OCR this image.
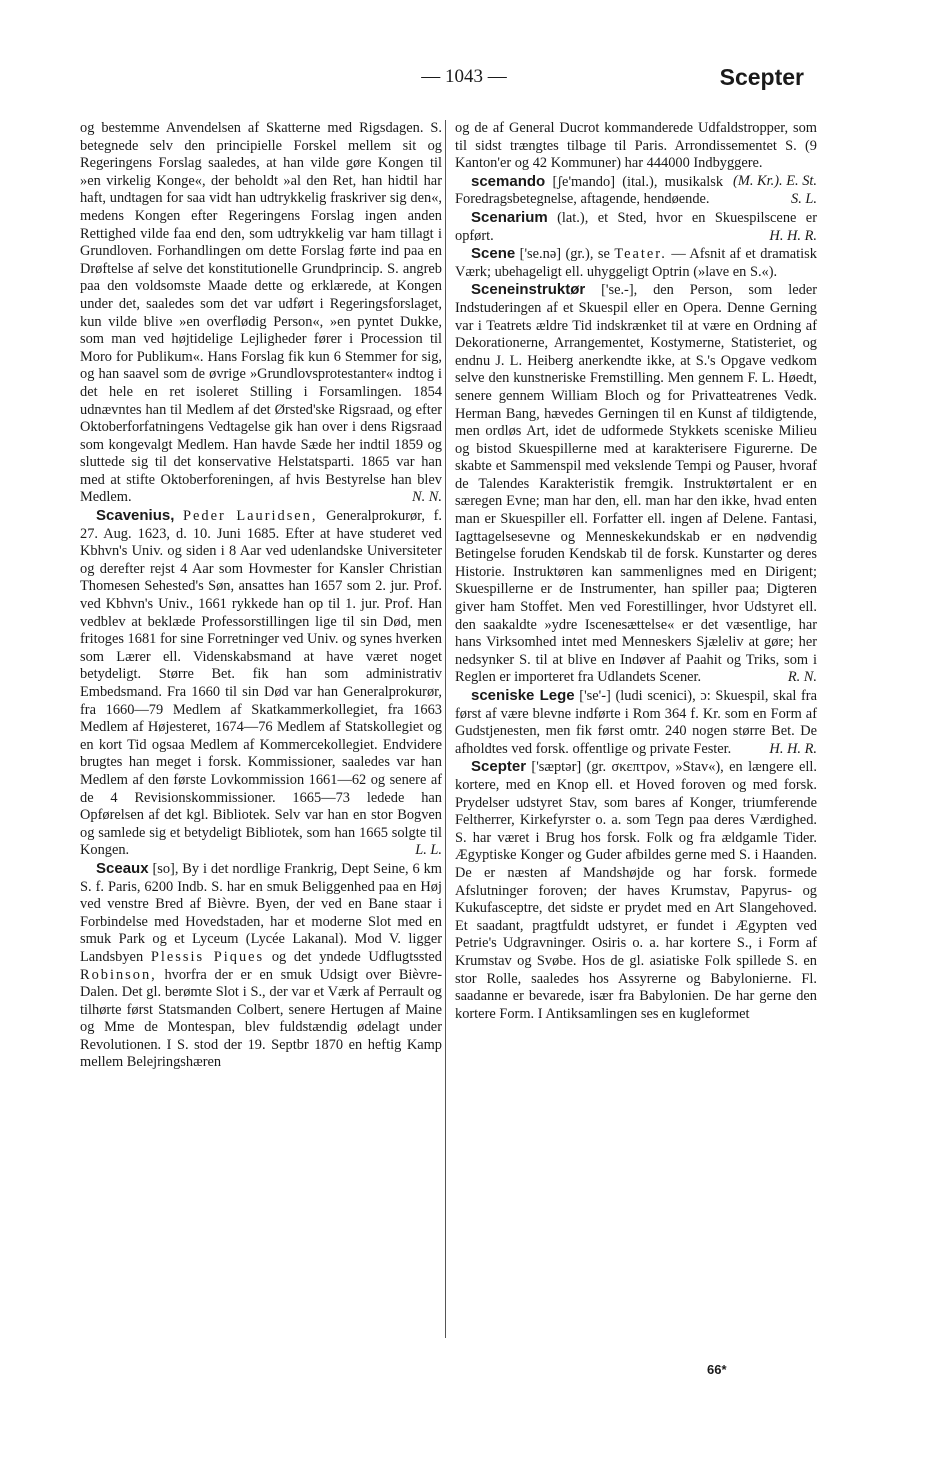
— 1043 —	Scepter

og bestemme Anvendelsen af Skatterne med Rigsdagen. S. betegnede selv den principielle Forskel mellem sit og Regeringens Forslag saaledes, at han vilde gøre Kongen til »en virkelig Konge«, der beholdt »al den Ret, han hidtil har haft, undtagen for saa vidt han udtrykkelig fraskriver sig den«, medens Kongen efter Regeringens Forslag ingen anden Rettighed vilde faa end den, som udtrykkelig var ham tillagt i Grundloven. Forhandlingen om dette Forslag førte ind paa en Drøftelse af selve det konstitutionelle Grundprincip. S. angreb paa den voldsomste Maade dette og erklærede, at Kongen under det, saaledes som det var udført i Regeringsforslaget, kun vilde blive »en overflødig Person«, »en pyntet Dukke, som man ved højtidelige Lejligheder fører i Procession til Moro for Publikum«. Hans Forslag fik kun 6 Stemmer for sig, og han saavel som de øvrige »Grundlovsprotestanter« indtog i det hele en ret isoleret Stilling i Forsamlingen. 1854 udnævntes han til Medlem af det Ørsted'ske Rigsraad, og efter Oktoberforfatningens Vedtagelse gik han over i dens Rigsraad som kongevalgt Medlem. Han havde Sæde her indtil 1859 og sluttede sig til det konservative Helstatsparti. 1865 var han med at stifte Oktoberforeningen, af hvis Bestyrelse han blev Medlem.	N. N.

Scavenius, Peder Lauridsen, Generalprokurør, f. 27. Aug. 1623, d. 10. Juni 1685. Efter at have studeret ved Kbhvn's Univ. og siden i 8 Aar ved udenlandske Universiteter og derefter rejst 4 Aar som Hovmester for Kansler Christian Thomesen Sehested's Søn, ansattes han 1657 som 2. jur. Prof. ved Kbhvn's Univ., 1661 rykkede han op til 1. jur. Prof. Han vedblev at beklæde Professorstillingen lige til sin Død, men fritoges 1681 for sine Forretninger ved Univ. og synes hverken som Lærer ell. Videnskabsmand at have været noget betydeligt. Større Bet. fik han som administrativ Embedsmand. Fra 1660 til sin Død var han Generalprokurør, fra 1660—79 Medlem af Skatkammerkollegiet, fra 1663 Medlem af Højesteret, 1674—76 Medlem af Statskollegiet og en kort Tid ogsaa Medlem af Kommercekollegiet. Endvidere brugtes han meget i forsk. Kommissioner, saaledes var han Medlem af den første Lovkommission 1661—62 og senere af de 4 Revisionskommissioner. 1665—73 ledede han Opførelsen af det kgl. Bibliotek. Selv var han en stor Bogven og samlede sig et betydeligt Bibliotek, som han 1665 solgte til Kongen.	L. L.

Sceaux [so], By i det nordlige Frankrig, Dept Seine, 6 km S. f. Paris, 6200 Indb. S. har en smuk Beliggenhed paa en Høj ved venstre Bred af Bièvre. Byen, der ved en Bane staar i Forbindelse med Hovedstaden, har et moderne Slot med en smuk Park og et Lyceum (Lycée Lakanal). Mod V. ligger Landsbyen Plessis Piques og det yndede Udflugtssted Robinson, hvorfra der er en smuk Udsigt over Bièvre-Dalen. Det gl. berømte Slot i S., der var et Værk af Perrault og tilhørte først Statsmanden Colbert, senere Hertugen af Maine og Mme de Montespan, blev fuldstændig ødelagt under Revolutionen. I S. stod der 19. Septbr 1870 en heftig Kamp mellem Belejringshæren

og de af General Ducrot kommanderede Udfaldstropper, som til sidst trængtes tilbage til Paris. Arrondissementet S. (9 Kanton'er og 42 Kommuner) har 444000 Indbyggere.
(M. Kr.). E. St.

scemando [ʃe'mando] (ital.), musikalsk Foredragsbetegnelse, aftagende, hendøende.	S. L.

Scenarium (lat.), et Sted, hvor en Skuespilscene er opført.	H. H. R.

Scene ['se.nə] (gr.), se Teater. — Afsnit af et dramatisk Værk; ubehageligt ell. uhyggeligt Optrin (»lave en S.«).

Sceneinstruktør ['se.-], den Person, som leder Indstuderingen af et Skuespil eller en Opera. Denne Gerning var i Teatrets ældre Tid indskrænket til at være en Ordning af Dekorationerne, Arrangementet, Kostymerne, Statisteriet, og endnu J. L. Heiberg anerkendte ikke, at S.'s Opgave vedkom selve den kunstneriske Fremstilling. Men gennem F. L. Høedt, senere gennem William Bloch og for Privatteatrenes Vedk. Herman Bang, hævedes Gerningen til en Kunst af tildigtende, men ordløs Art, idet de udformede Stykkets sceniske Milieu og bistod Skuespillerne med at karakterisere Figurerne. De skabte et Sammenspil med vekslende Tempi og Pauser, hvoraf de Talendes Karakteristik fremgik. Instruktørtalent er en særegen Evne; man har den, ell. man har den ikke, hvad enten man er Skuespiller ell. Forfatter ell. ingen af Delene. Fantasi, Iagttagelsesevne og Menneskekundskab er en nødvendig Betingelse foruden Kendskab til de forsk. Kunstarter og deres Historie. Instruktøren kan sammenlignes med en Dirigent; Skuespillerne er de Instrumenter, han spiller paa; Digteren giver ham Stoffet. Men ved Forestillinger, hvor Udstyret ell. den saakaldte »ydre Iscenesættelse« er det væsentlige, har hans Virksomhed intet med Menneskers Sjæleliv at gøre; her nedsynker S. til at blive en Indøver af Paahit og Triks, som i Reglen er importeret fra Udlandets Scener.	R. N.

sceniske Lege ['se'-] (ludi scenici), ɔ: Skuespil, skal fra først af være blevne indførte i Rom 364 f. Kr. som en Form af Gudstjenesten, men fik først omtr. 240 nogen større Bet. De afholdtes ved forsk. offentlige og private Fester.	H. H. R.

Scepter ['sæptər] (gr. σκεπτρον, »Stav«), en længere ell. kortere, med en Knop ell. et Hoved foroven og med forsk. Prydelser udstyret Stav, som bares af Konger, triumferende Feltherrer, Kirkefyrster o. a. som Tegn paa deres Værdighed. S. har været i Brug hos forsk. Folk og fra ældgamle Tider. Ægyptiske Konger og Guder afbildes gerne med S. i Haanden. De er næsten af Mandshøjde og har forsk. formede Afslutninger foroven; der haves Krumstav, Papyrus- og Kukufasceptre, det sidste er prydet med en Art Slangehoved. Et saadant, pragtfuldt udstyret, er fundet i Ægypten ved Petrie's Udgravninger. Osiris o. a. har kortere S., i Form af Krumstav og Svøbe. Hos de gl. asiatiske Folk spillede S. en stor Rolle, saaledes hos Assyrerne og Babylonierne. Fl. saadanne er bevarede, især fra Babylonien. De har gerne den kortere Form. I Antiksamlingen ses en kugleformet

66*
